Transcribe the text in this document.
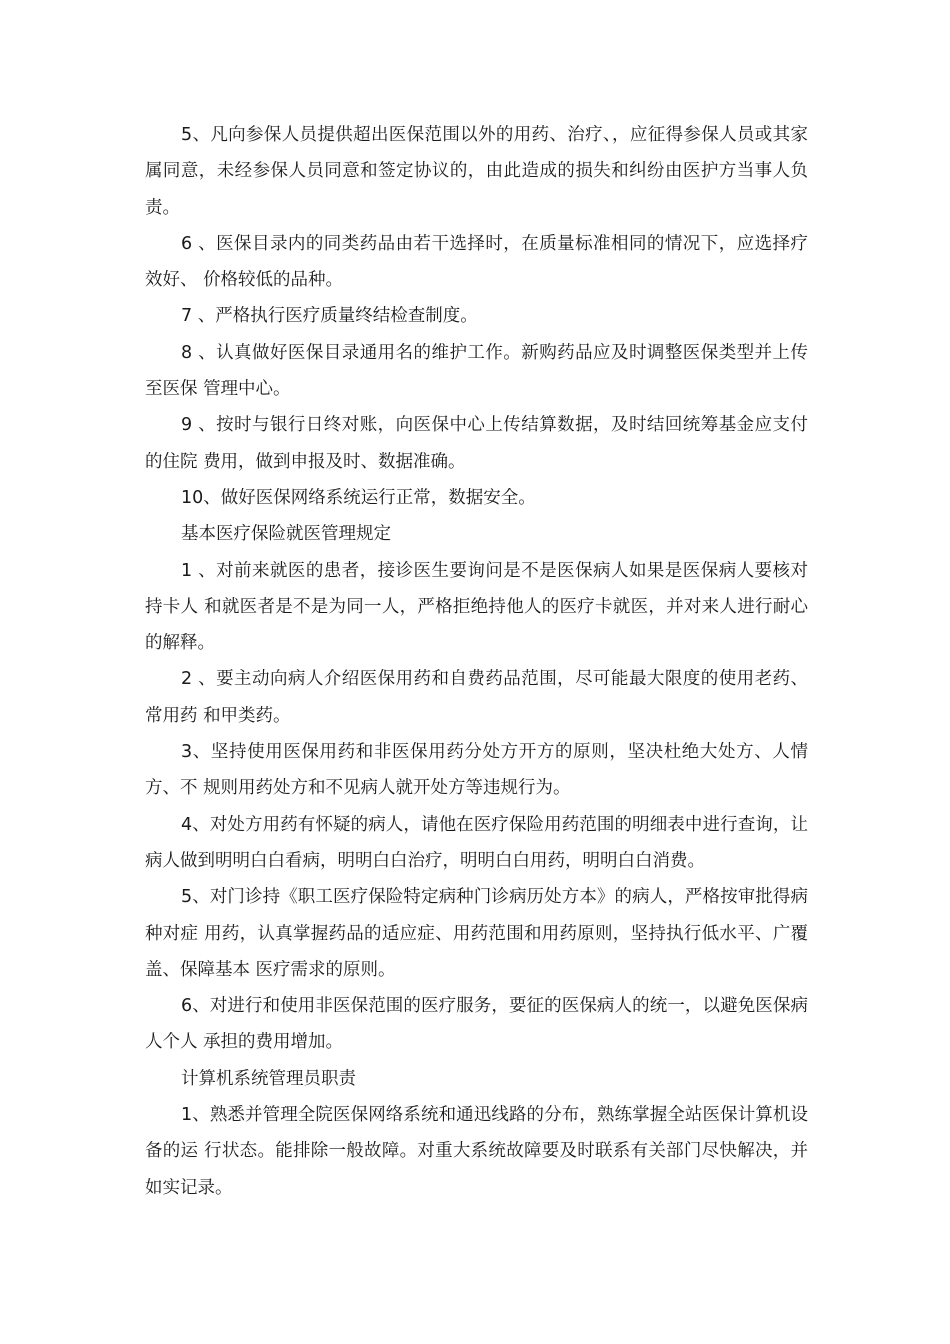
5、凡向参保人员提供超出医保范围以外的用药、治疗、，应征得参保人员或其家属同意，未经参保人员同意和签定协议的，由此造成的损失和纠纷由医护方当事人负责。

6 、医保目录内的同类药品由若干选择时，在质量标准相同的情况下，应选择疗效好、 价格较低的品种。

7 、严格执行医疗质量终结检查制度。

8 、认真做好医保目录通用名的维护工作。新购药品应及时调整医保类型并上传至医保 管理中心。

9 、按时与银行日终对账，向医保中心上传结算数据，及时结回统筹基金应支付的住院 费用，做到申报及时、数据准确。

10、做好医保网络系统运行正常，数据安全。

基本医疗保险就医管理规定

1 、对前来就医的患者，接诊医生要询问是不是医保病人如果是医保病人要核对持卡人 和就医者是不是为同一人，严格拒绝持他人的医疗卡就医，并对来人进行耐心的解释。

2 、要主动向病人介绍医保用药和自费药品范围，尽可能最大限度的使用老药、常用药 和甲类药。

3、坚持使用医保用药和非医保用药分处方开方的原则，坚决杜绝大处方、人情方、不 规则用药处方和不见病人就开处方等违规行为。

4、对处方用药有怀疑的病人，请他在医疗保险用药范围的明细表中进行查询，让病人做到明明白白看病，明明白白治疗，明明白白用药，明明白白消费。

5、对门诊持《职工医疗保险特定病种门诊病历处方本》的病人，严格按审批得病种对症 用药，认真掌握药品的适应症、用药范围和用药原则，坚持执行低水平、广覆盖、保障基本 医疗需求的原则。

6、对进行和使用非医保范围的医疗服务，要征的医保病人的统一，以避免医保病人个人 承担的费用增加。

计算机系统管理员职责

1、熟悉并管理全院医保网络系统和通迅线路的分布，熟练掌握全站医保计算机设备的运 行状态。能排除一般故障。对重大系统故障要及时联系有关部门尽快解决，并如实记录。
